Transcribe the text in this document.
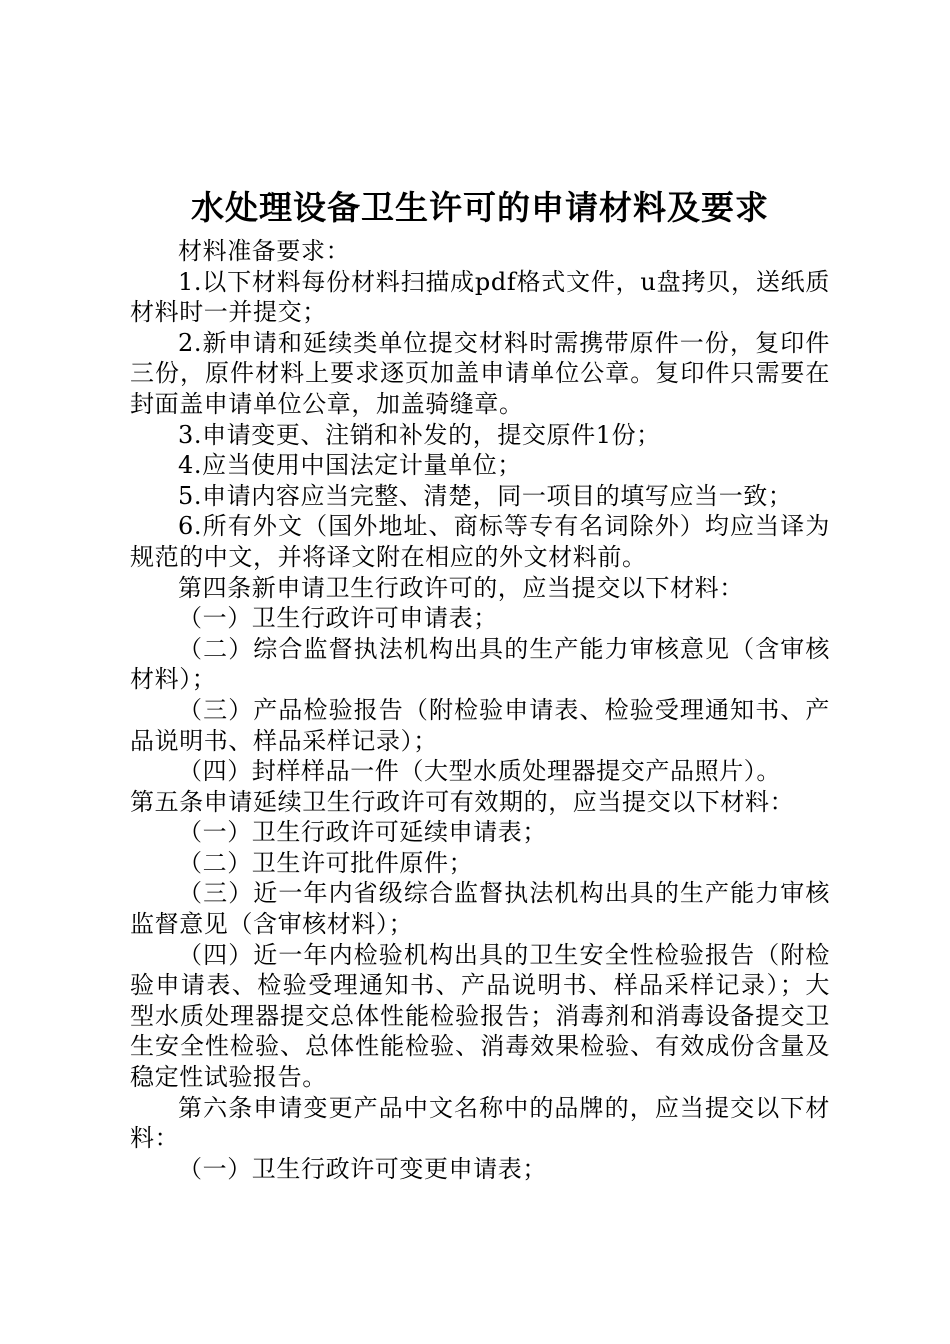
水处理设备卫生许可的申请材料及要求

材料准备要求：

1.以下材料每份材料扫描成pdf格式文件，u盘拷贝，送纸质材料时一并提交；

2.新申请和延续类单位提交材料时需携带原件一份，复印件三份，原件材料上要求逐页加盖申请单位公章。复印件只需要在封面盖申请单位公章，加盖骑缝章。

3.申请变更、注销和补发的，提交原件1份；

4.应当使用中国法定计量单位；

5.申请内容应当完整、清楚，同一项目的填写应当一致；

6.所有外文（国外地址、商标等专有名词除外）均应当译为规范的中文，并将译文附在相应的外文材料前。

第四条新申请卫生行政许可的，应当提交以下材料：

（一）卫生行政许可申请表；

（二）综合监督执法机构出具的生产能力审核意见（含审核材料）；

（三）产品检验报告（附检验申请表、检验受理通知书、产品说明书、样品采样记录）；

（四）封样样品一件（大型水质处理器提交产品照片）。

第五条申请延续卫生行政许可有效期的，应当提交以下材料：

（一）卫生行政许可延续申请表；

（二）卫生许可批件原件；

（三）近一年内省级综合监督执法机构出具的生产能力审核监督意见（含审核材料）；

（四）近一年内检验机构出具的卫生安全性检验报告（附检验申请表、检验受理通知书、产品说明书、样品采样记录）；大型水质处理器提交总体性能检验报告；消毒剂和消毒设备提交卫生安全性检验、总体性能检验、消毒效果检验、有效成份含量及稳定性试验报告。

第六条申请变更产品中文名称中的品牌的，应当提交以下材料：

（一）卫生行政许可变更申请表；
